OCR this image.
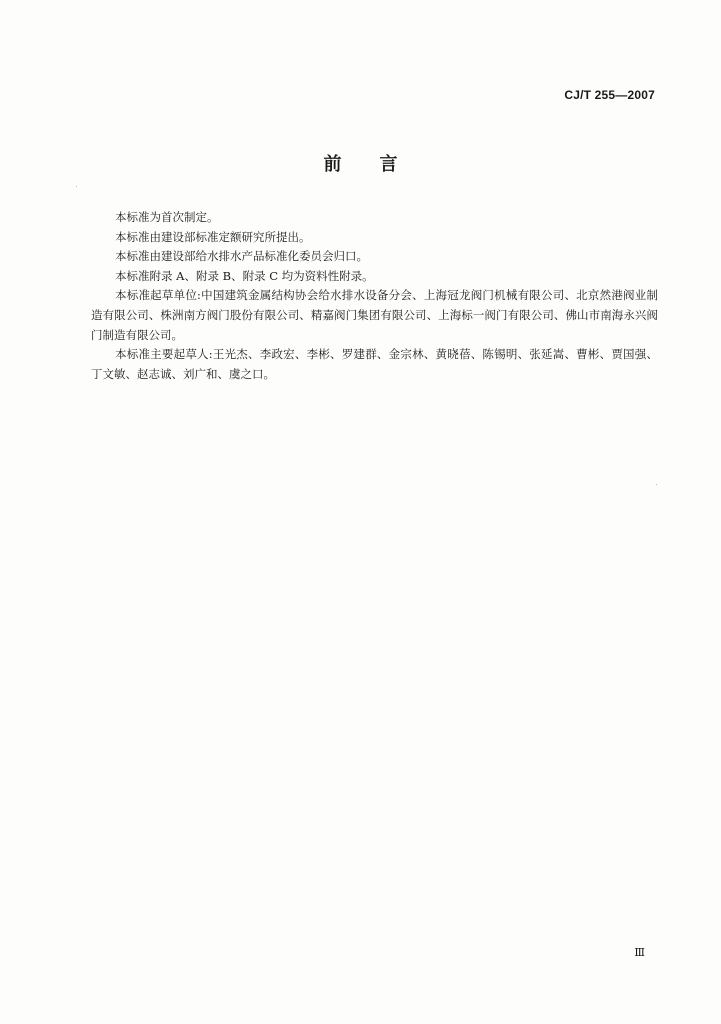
CJ/T 255—2007
前言

本标准为首次制定。

本标准由建设部标准定额研究所提出。

本标准由建设部给水排水产品标准化委员会归口。

本标准附录 A、附录 B、附录 C 均为资料性附录。

本标准起草单位:中国建筑金属结构协会给水排水设备分会、上海冠龙阀门机械有限公司、北京然港阀业制造有限公司、株洲南方阀门股份有限公司、精嘉阀门集团有限公司、上海标一阀门有限公司、佛山市南海永兴阀门制造有限公司。

本标准主要起草人:王光杰、李政宏、李彬、罗建群、金宗林、黄晓蓓、陈锡明、张延嵩、曹彬、贾国强、丁文敏、赵志诚、刘广和、虞之口。

Ⅲ
